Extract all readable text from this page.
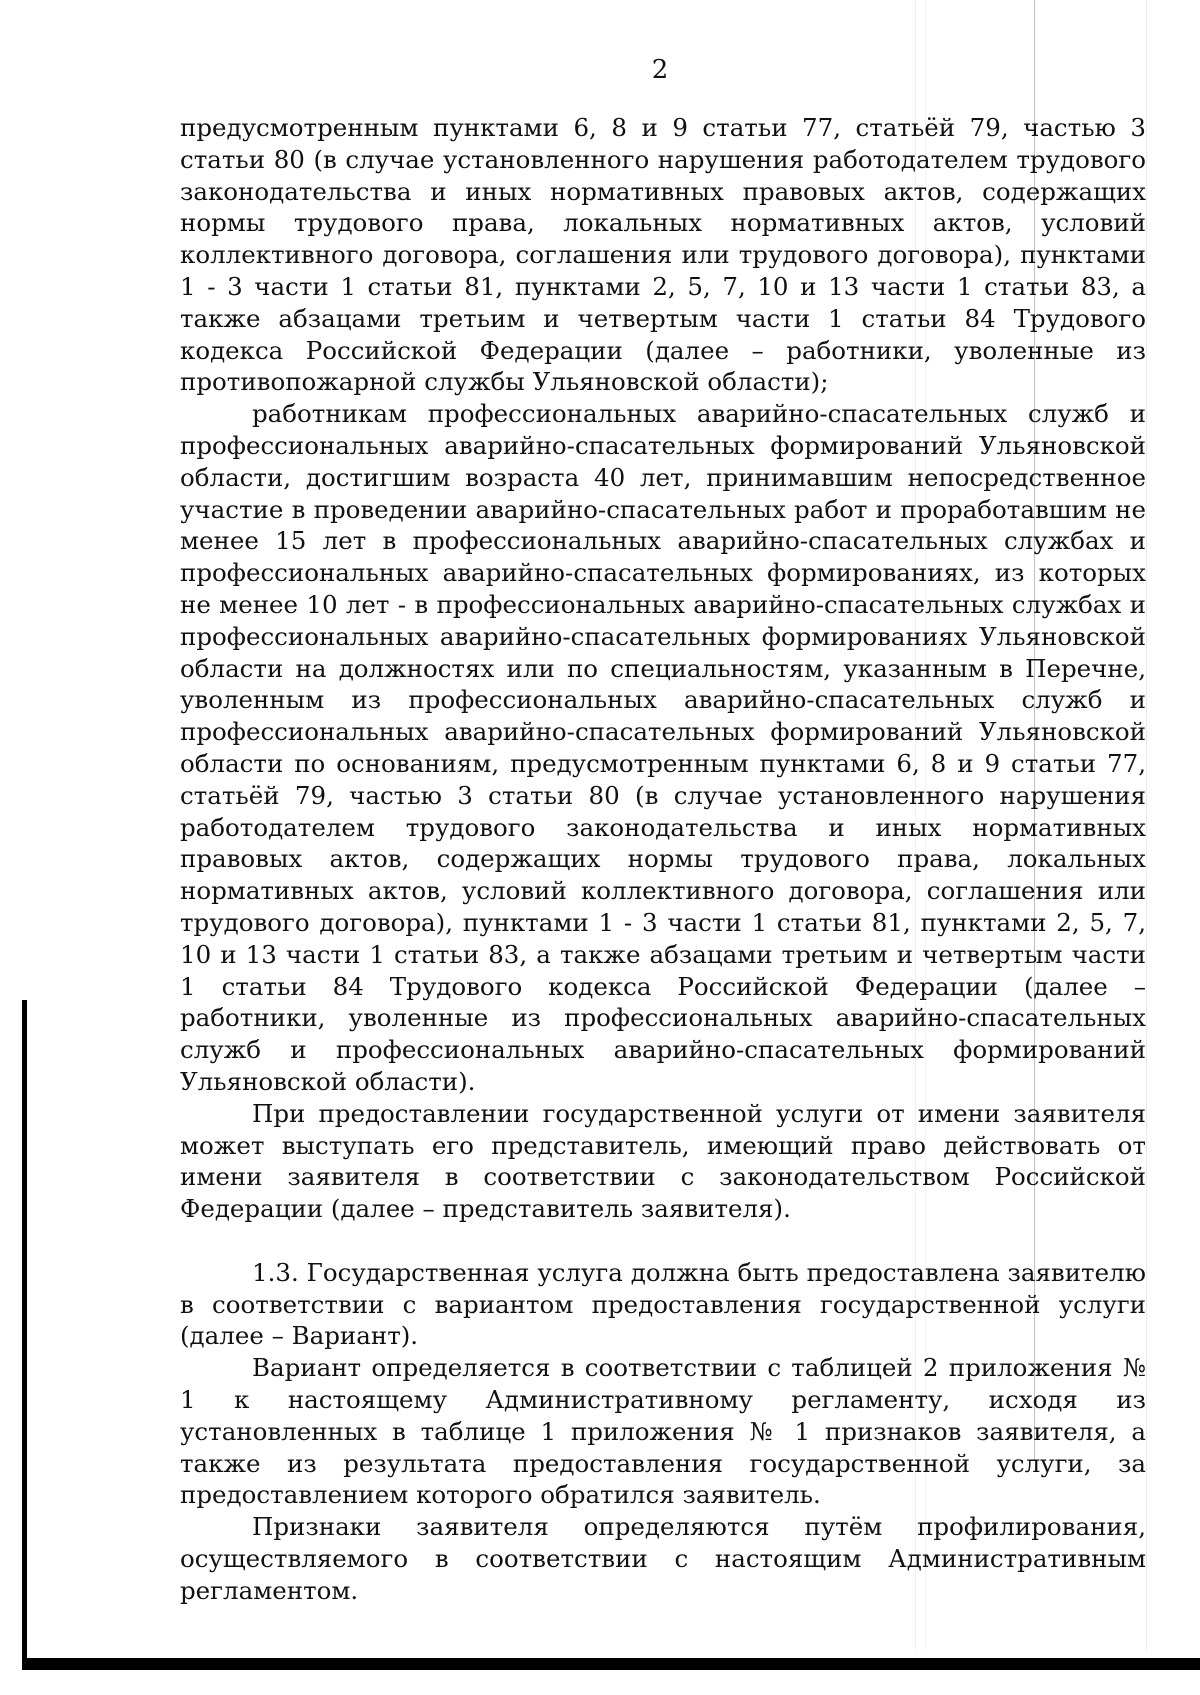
2

предусмотренным пунктами 6, 8 и 9 статьи 77, статьёй 79, частью 3 статьи 80 (в случае установленного нарушения работодателем трудового законодательства и иных нормативных правовых актов, содержащих нормы трудового права, локальных нормативных актов, условий коллективного договора, соглашения или трудового договора), пунктами 1 - 3 части 1 статьи 81, пунктами 2, 5, 7, 10 и 13 части 1 статьи 83, а также абзацами третьим и четвертым части 1 статьи 84 Трудового кодекса Российской Федерации (далее – работники, уволенные из противопожарной службы Ульяновской области);

работникам профессиональных аварийно-спасательных служб и профессиональных аварийно-спасательных формирований Ульяновской области, достигшим возраста 40 лет, принимавшим непосредственное участие в проведении аварийно-спасательных работ и проработавшим не менее 15 лет в профессиональных аварийно-спасательных службах и профессиональных аварийно-спасательных формированиях, из которых не менее 10 лет - в профессиональных аварийно-спасательных службах и профессиональных аварийно-спасательных формированиях Ульяновской области на должностях или по специальностям, указанным в Перечне, уволенным из профессиональных аварийно-спасательных служб и профессиональных аварийно-спасательных формирований Ульяновской области по основаниям, предусмотренным пунктами 6, 8 и 9 статьи 77, статьёй 79, частью 3 статьи 80 (в случае установленного нарушения работодателем трудового законодательства и иных нормативных правовых актов, содержащих нормы трудового права, локальных нормативных актов, условий коллективного договора, соглашения или трудового договора), пунктами 1 - 3 части 1 статьи 81, пунктами 2, 5, 7, 10 и 13 части 1 статьи 83, а также абзацами третьим и четвертым части 1 статьи 84 Трудового кодекса Российской Федерации (далее – работники, уволенные из профессиональных аварийно-спасательных служб и профессиональных аварийно-спасательных формирований Ульяновской области).

При предоставлении государственной услуги от имени заявителя может выступать его представитель, имеющий право действовать от имени заявителя в соответствии с законодательством Российской Федерации (далее – представитель заявителя).

1.3. Государственная услуга должна быть предоставлена заявителю в соответствии с вариантом предоставления государственной услуги (далее – Вариант).

Вариант определяется в соответствии с таблицей 2 приложения № 1 к настоящему Административному регламенту, исходя из установленных в таблице 1 приложения № 1 признаков заявителя, а также из результата предоставления государственной услуги, за предоставлением которого обратился заявитель.

Признаки заявителя определяются путём профилирования, осуществляемого в соответствии с настоящим Административным регламентом.
